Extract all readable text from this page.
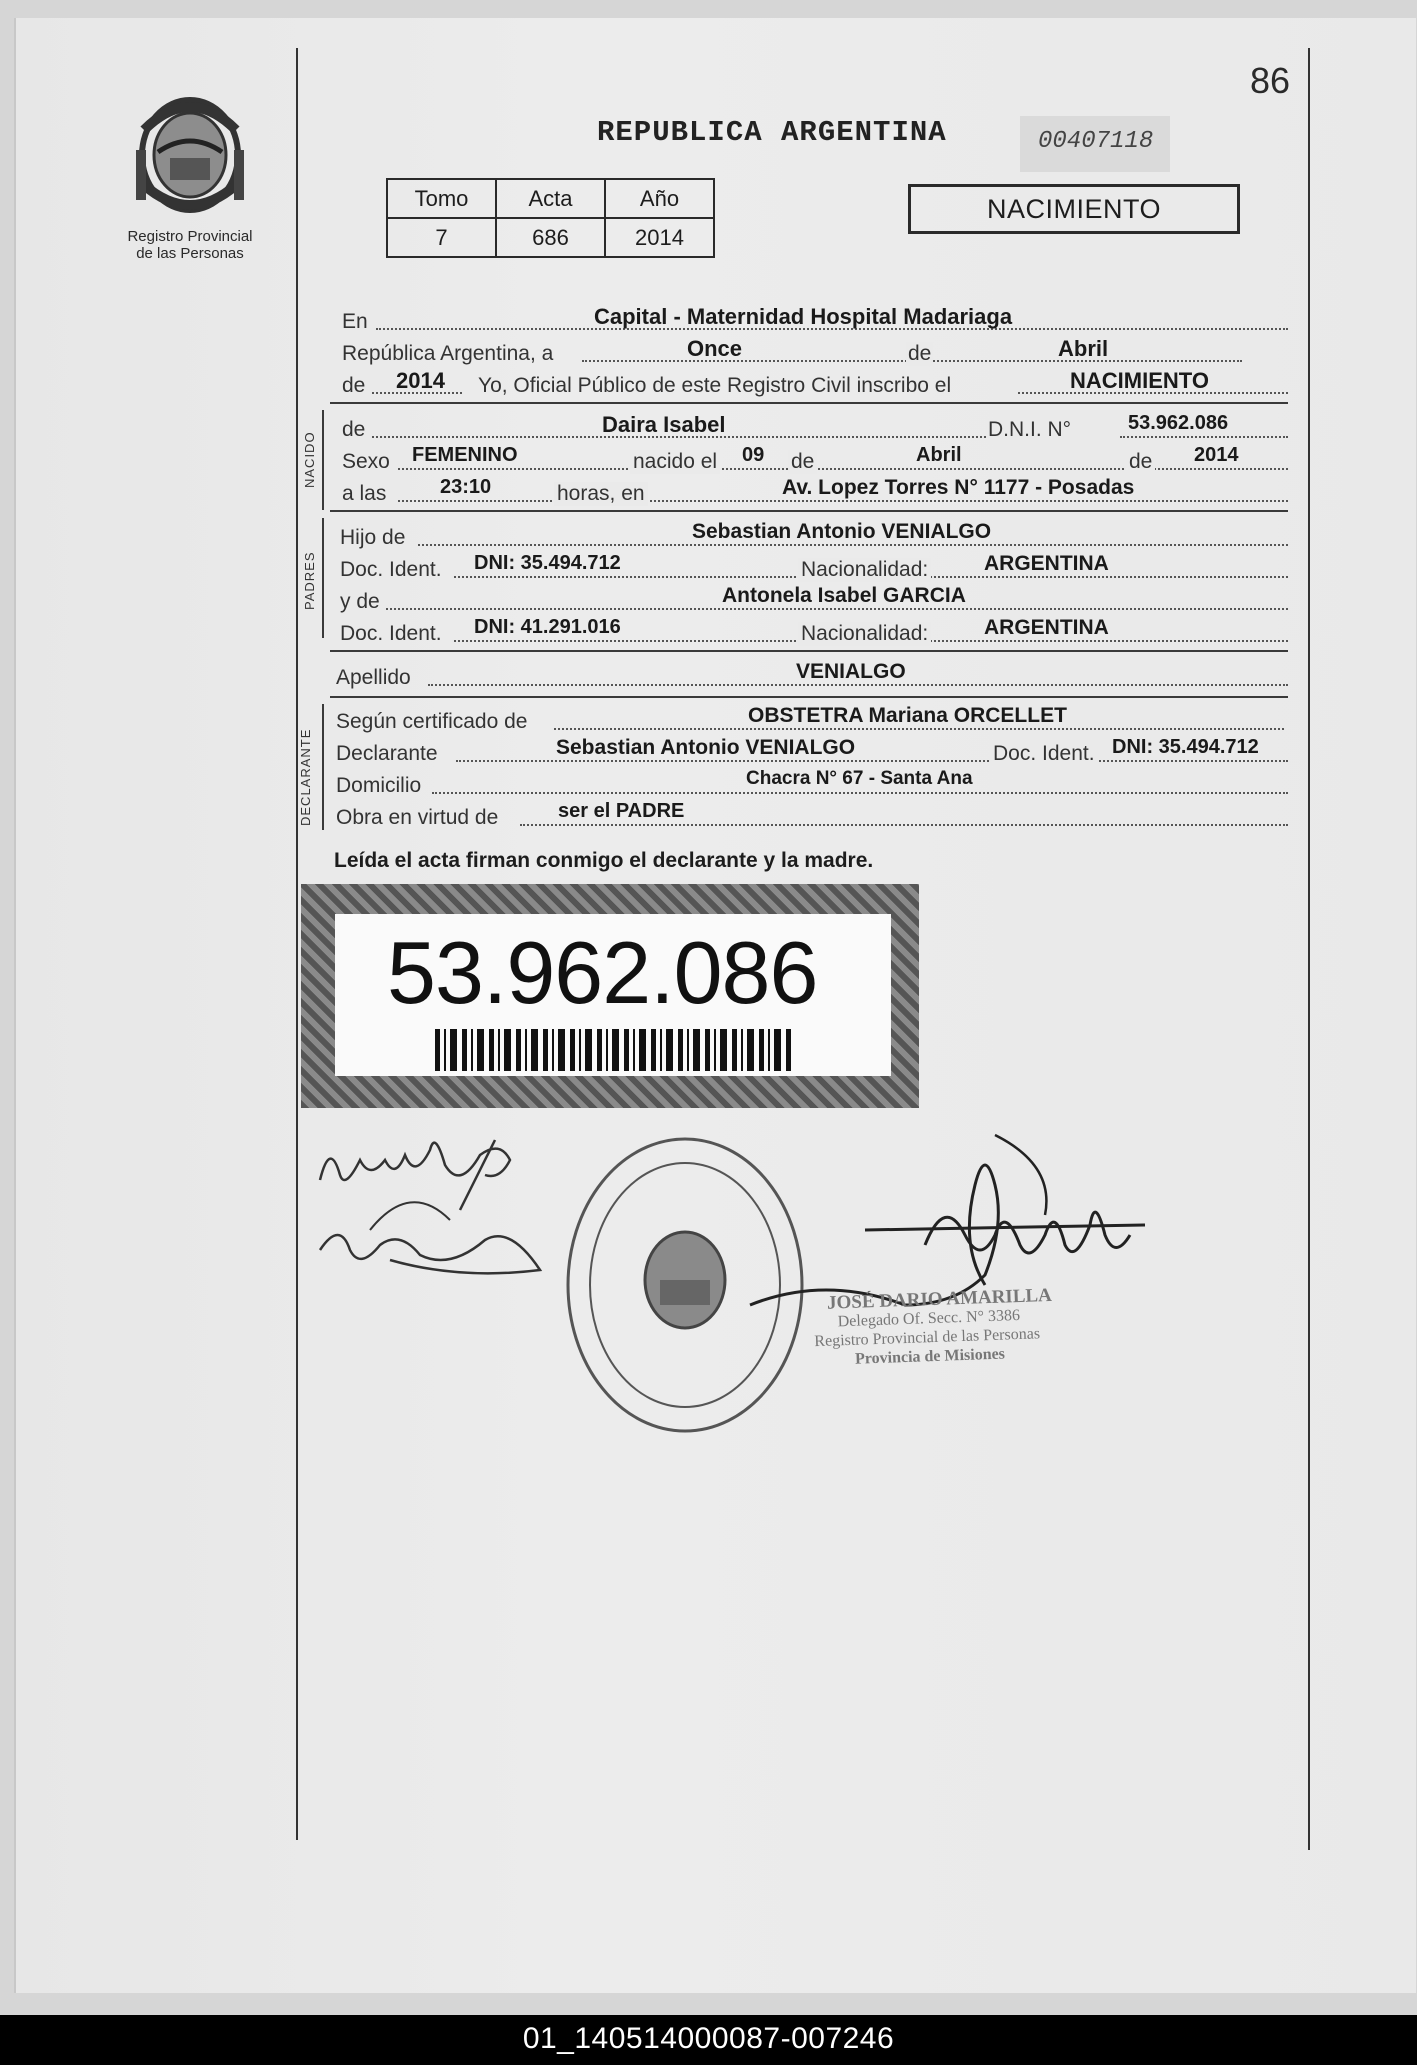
86
Registro Provincial
de las Personas
REPUBLICA ARGENTINA	00407118
Tomo	Acta	Año
7	686	2014
NACIMIENTO
En	Capital - Maternidad Hospital Madariaga
República Argentina, a	Once	de	Abril
de 2014 Yo, Oficial Público de este Registro Civil inscribo el	NACIMIENTO
NACIDO
de	Daira Isabel	D.N.I. N°	53.962.086
Sexo FEMENINO	nacido el 09 de	Abril	de 2014
a las	23:10	horas, en	Av. Lopez Torres N° 1177 - Posadas
PADRES
Hijo de	Sebastian Antonio VENIALGO
Doc. Ident. DNI: 35.494.712	Nacionalidad:	ARGENTINA
y de	Antonela Isabel GARCIA
Doc. Ident. DNI: 41.291.016	Nacionalidad:	ARGENTINA
Apellido	VENIALGO
DECLARANTE
Según certificado de	OBSTETRA Mariana ORCELLET
Declarante	Sebastian Antonio VENIALGO	Doc. Ident. DNI: 35.494.712
Domicilio	Chacra N° 67 - Santa Ana
Obra en virtud de	ser el PADRE
Leída el acta firman conmigo el declarante y la madre.
53.962.086
JOSÉ DARIO AMARILLA
Delegado Of. Secc. N° 3386
Registro Provincial de las Personas
Provincia de Misiones
01_140514000087-007246
